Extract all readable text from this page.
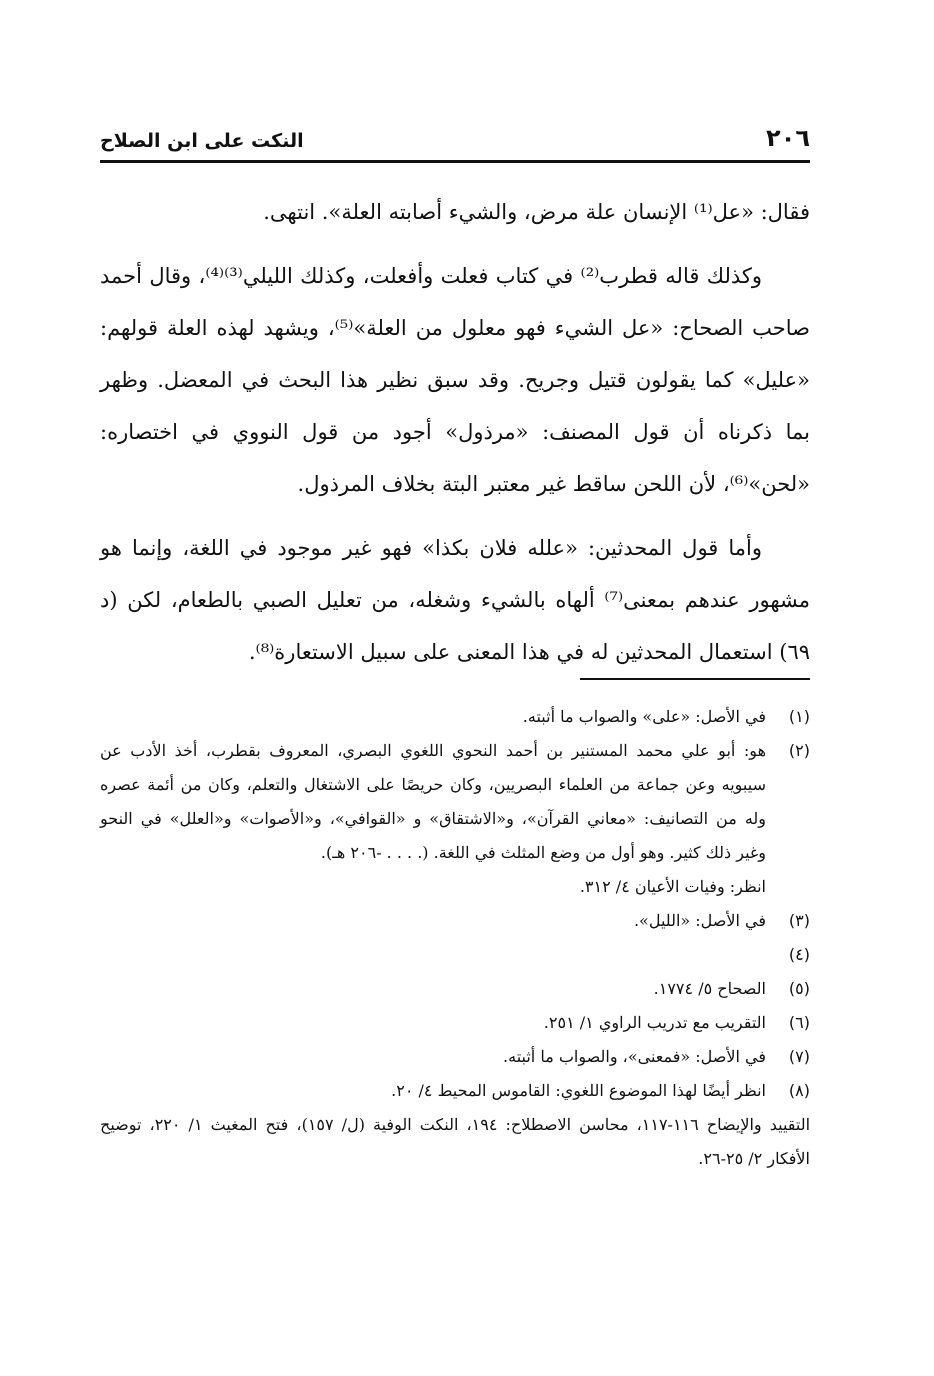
٢٠٦
النكت على ابن الصلاح

فقال: «عل⁽¹⁾ الإنسان علة مرض، والشيء أصابته العلة». انتهى.

وكذلك قاله قطرب⁽²⁾ في كتاب فعلت وأفعلت، وكذلك الليلي⁽³⁾⁽⁴⁾، وقال أحمد صاحب الصحاح: «عل الشيء فهو معلول من العلة»⁽⁵⁾، ويشهد لهذه العلة قولهم: «عليل» كما يقولون قتيل وجريح. وقد سبق نظير هذا البحث في المعضل. وظهر بما ذكرناه أن قول المصنف: «مرذول» أجود من قول النووي في اختصاره: «لحن»⁽⁶⁾، لأن اللحن ساقط غير معتبر البتة بخلاف المرذول.

وأما قول المحدثين: «علله فلان بكذا» فهو غير موجود في اللغة، وإنما هو مشهور عندهم بمعنى⁽⁷⁾ ألهاه بالشيء وشغله، من تعليل الصبي بالطعام، لكن (د ٦٩) استعمال المحدثين له في هذا المعنى على سبيل الاستعارة⁽⁸⁾.

(١)
في الأصل: «على» والصواب ما أثبته.
(٢)
هو: أبو علي محمد المستنير بن أحمد النحوي اللغوي البصري، المعروف بقطرب، أخذ الأدب عن سيبويه وعن جماعة من العلماء البصريين، وكان حريصًا على الاشتغال والتعلم، وكان من أئمة عصره وله من التصانيف: «معاني القرآن»، و«الاشتقاق» و «القوافي»، و«الأصوات» و«العلل» في النحو وغير ذلك كثير. وهو أول من وضع المثلث في اللغة. (. . . . -٢٠٦ هـ).
انظر: وفيات الأعيان ٤/ ٣١٢.
(٣)
في الأصل: «الليل».
(٤)
(٥)
الصحاح ٥/ ١٧٧٤.
(٦)
التقريب مع تدريب الراوي ١/ ٢٥١.
(٧)
في الأصل: «فمعنى»، والصواب ما أثبته.
(٨)
انظر أيضًا لهذا الموضوع اللغوي: القاموس المحيط ٤/ ٢٠.
التقييد والإيضاح ١١٦-١١٧، محاسن الاصطلاح: ١٩٤، النكت الوفية (ل/ ١٥٧)، فتح المغيث ١/ ٢٢٠، توضيح الأفكار ٢/ ٢٥-٢٦.
